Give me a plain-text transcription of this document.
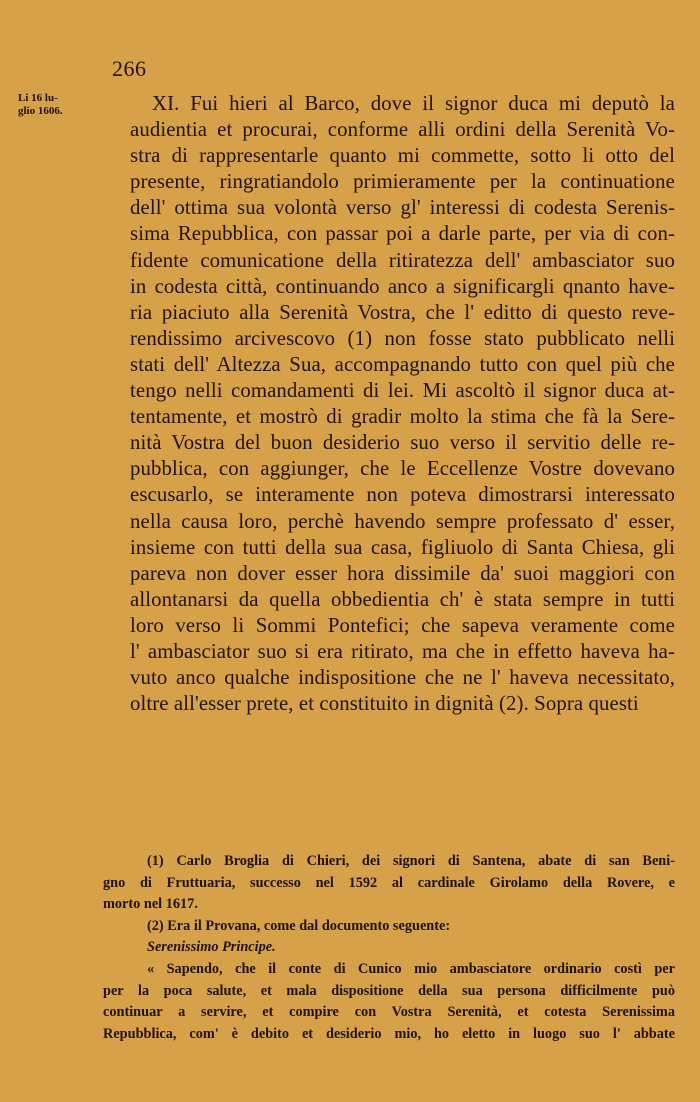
266
Li 16 lu-
glio 1606.	XI. Fui hieri al Barco, dove il signor duca mi deputò la
audientia et procurai, conforme alli ordini della Serenità Vo-
stra di rappresentarle quanto mi commette, sotto li otto del
presente, ringratiandolo primieramente per la continuatione
dell' ottima sua volontà verso gl' interessi di codesta Serenis-
sima Repubblica, con passar poi a darle parte, per via di con-
fidente comunicatione della ritiratezza dell' ambasciator suo
in codesta città, continuando anco a significargli qnanto have-
ria piaciuto alla Serenità Vostra, che l' editto di questo reve-
rendissimo arcivescovo (1) non fosse stato pubblicato nelli
stati dell' Altezza Sua, accompagnando tutto con quel più che
tengo nelli comandamenti di lei. Mi ascoltò il signor duca at-
tentamente, et mostrò di gradir molto la stima che fà la Sere-
nità Vostra del buon desiderio suo verso il servitio delle re-
pubblica, con aggiunger, che le Eccellenze Vostre dovevano
escusarlo, se interamente non poteva dimostrarsi interessato
nella causa loro, perchè havendo sempre professato d' esser,
insieme con tutti della sua casa, figliuolo di Santa Chiesa, gli
pareva non dover esser hora dissimile da' suoi maggiori con
allontanarsi da quella obbedientia ch' è stata sempre in tutti
loro verso li Sommi Pontefici; che sapeva veramente come
l' ambasciator suo si era ritirato, ma che in effetto haveva ha-
vuto anco qualche indispositione che ne l' haveva necessitato,
oltre all'esser prete, et constituito in dignità (2). Sopra questi
(1) Carlo Broglia di Chieri, dei signori di Santena, abate di san Beni-
gno di Fruttuaria, successo nel 1592 al cardinale Girolamo della Rovere, e
morto nel 1617.
(2) Era il Provana, come dal documento seguente:
Serenissimo Principe.
« Sapendo, che il conte di Cunico mio ambasciatore ordinario costì per
per la poca salute, et mala dispositione della sua persona difficilmente può
continuar a servire, et compire con Vostra Serenità, et cotesta Serenissima
Repubblica, com' è debito et desiderio mio, ho eletto in luogo suo l' abbate
